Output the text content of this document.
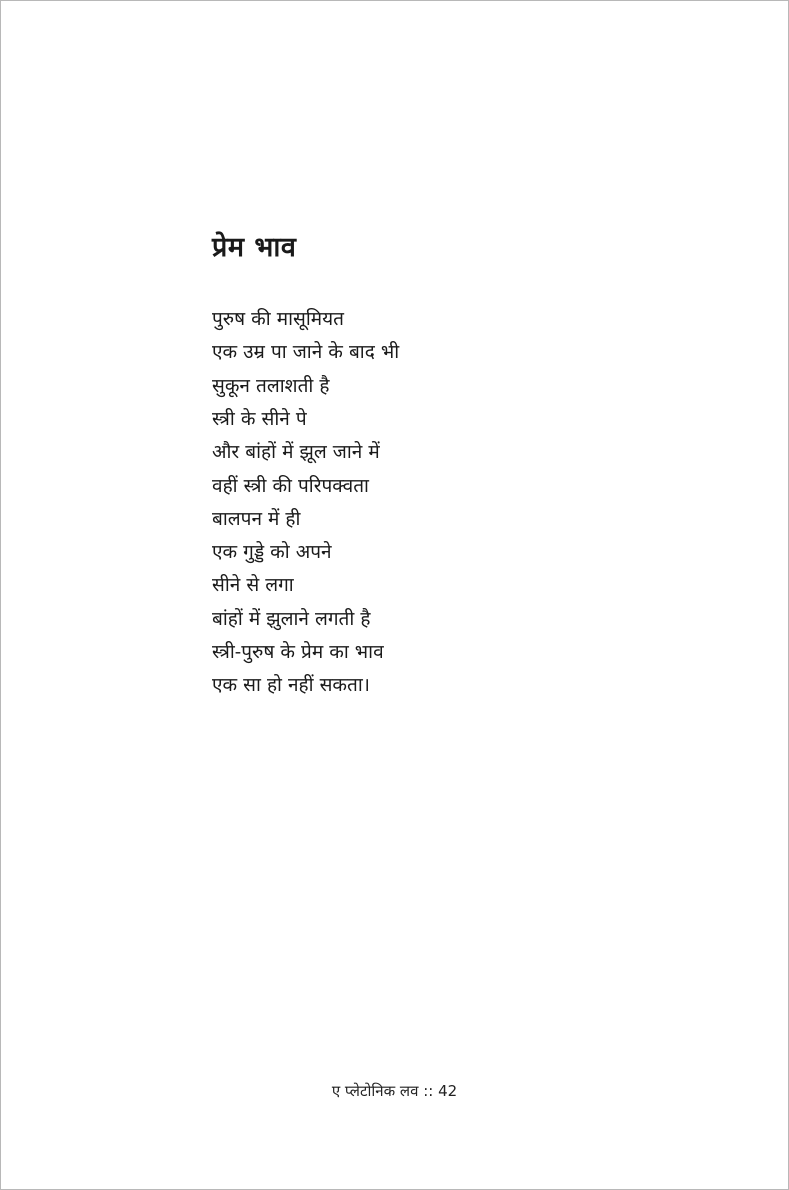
प्रेम भाव
पुरुष की मासूमियत
एक उम्र पा जाने के बाद भी
सुकून तलाशती है
स्त्री के सीने पे
और बांहों में झूल जाने में
वहीं स्त्री की परिपक्वता
बालपन में ही
एक गुड्डे को अपने
सीने से लगा
बांहों में झुलाने लगती है
स्त्री-पुरुष के प्रेम का भाव
एक सा हो नहीं सकता।
ए प्लेटोनिक लव :: 42
